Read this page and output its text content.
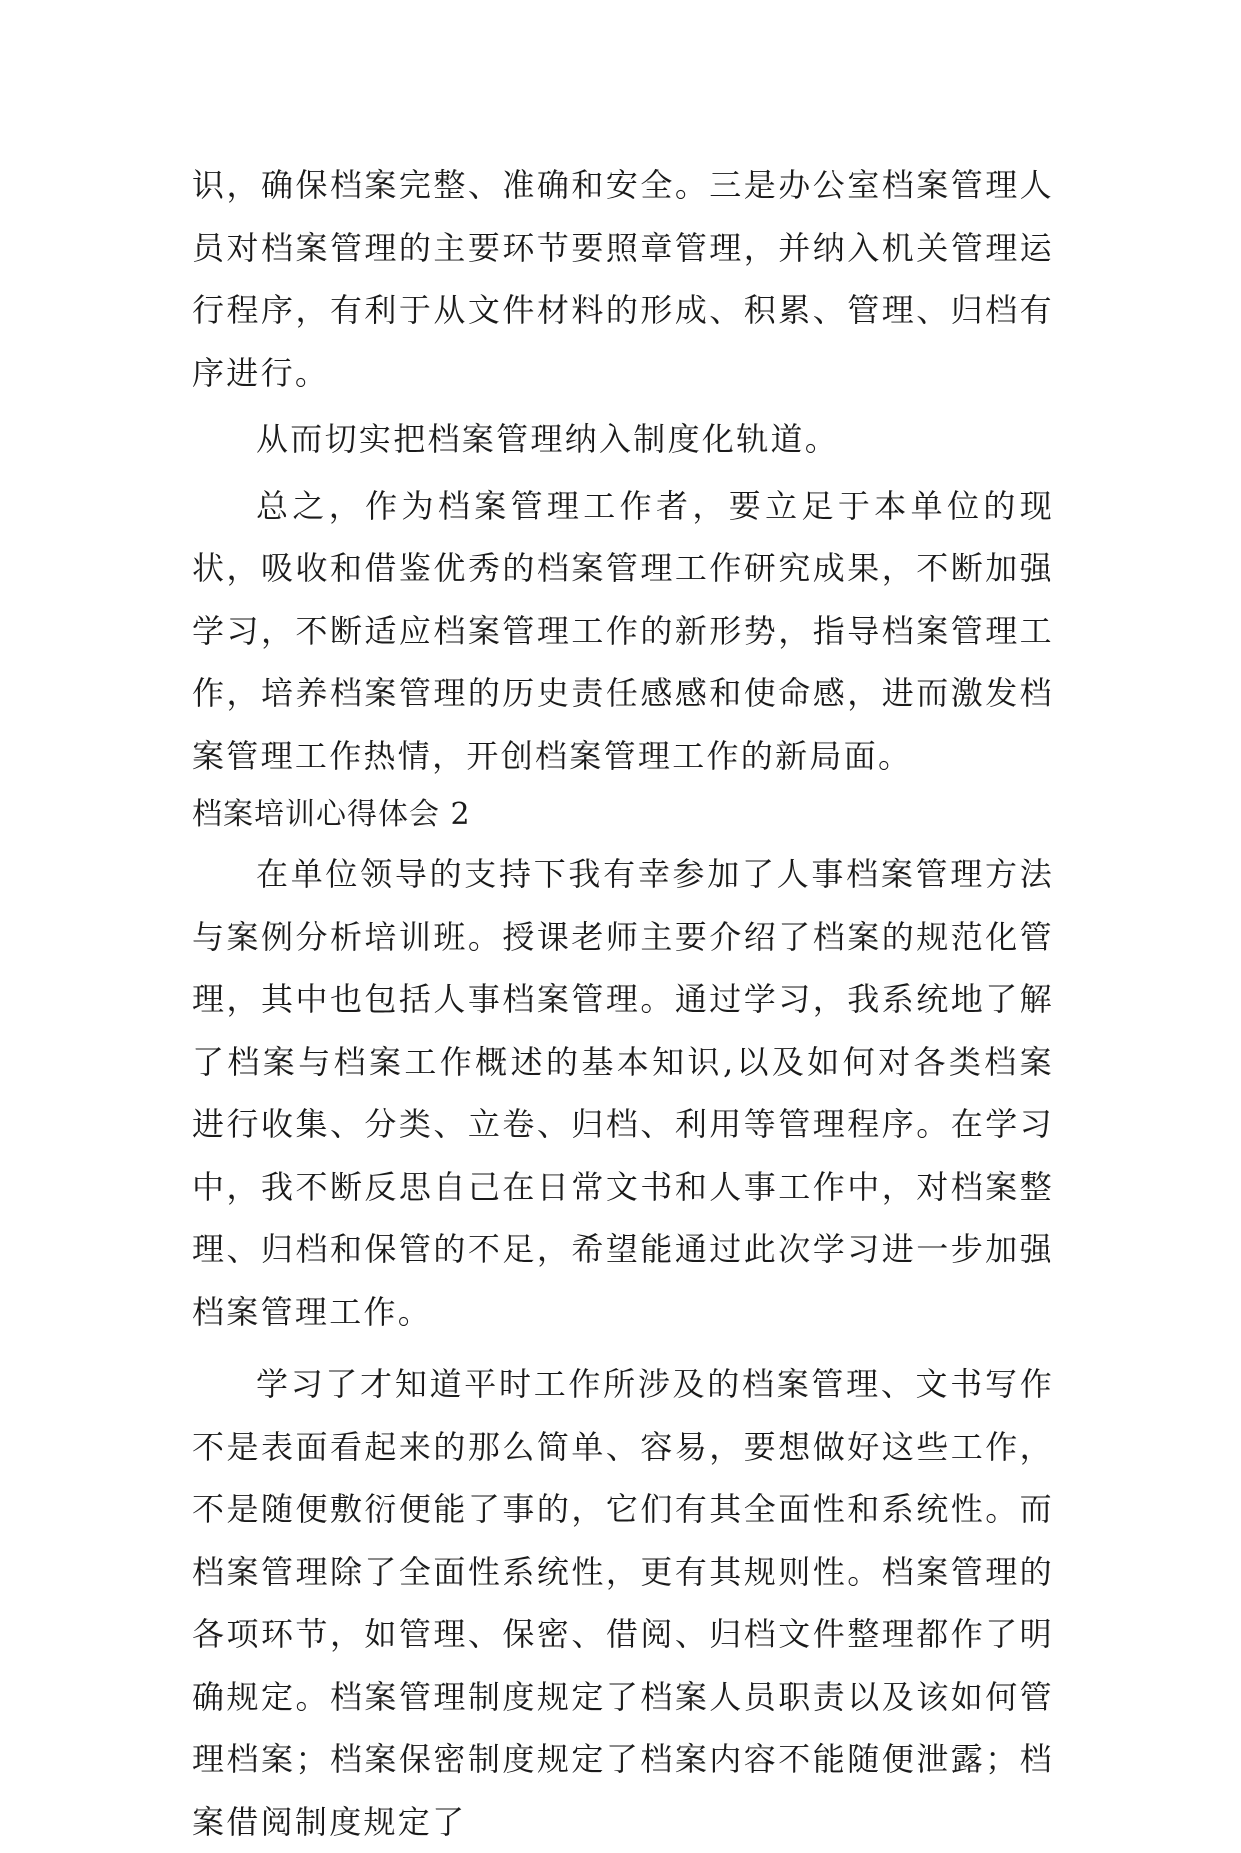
识，确保档案完整、准确和安全。三是办公室档案管理人员对档案管理的主要环节要照章管理，并纳入机关管理运行程序，有利于从文件材料的形成、积累、管理、归档有序进行。

从而切实把档案管理纳入制度化轨道。

总之，作为档案管理工作者，要立足于本单位的现状，吸收和借鉴优秀的档案管理工作研究成果，不断加强学习，不断适应档案管理工作的新形势，指导档案管理工作，培养档案管理的历史责任感感和使命感，进而激发档案管理工作热情，开创档案管理工作的新局面。

档案培训心得体会 2

在单位领导的支持下我有幸参加了人事档案管理方法与案例分析培训班。授课老师主要介绍了档案的规范化管理，其中也包括人事档案管理。通过学习，我系统地了解了档案与档案工作概述的基本知识,以及如何对各类档案进行收集、分类、立卷、归档、利用等管理程序。在学习中，我不断反思自己在日常文书和人事工作中，对档案整理、归档和保管的不足，希望能通过此次学习进一步加强档案管理工作。

学习了才知道平时工作所涉及的档案管理、文书写作不是表面看起来的那么简单、容易，要想做好这些工作，不是随便敷衍便能了事的，它们有其全面性和系统性。而档案管理除了全面性系统性，更有其规则性。档案管理的各项环节，如管理、保密、借阅、归档文件整理都作了明确规定。档案管理制度规定了档案人员职责以及该如何管理档案；档案保密制度规定了档案内容不能随便泄露；档案借阅制度规定了
